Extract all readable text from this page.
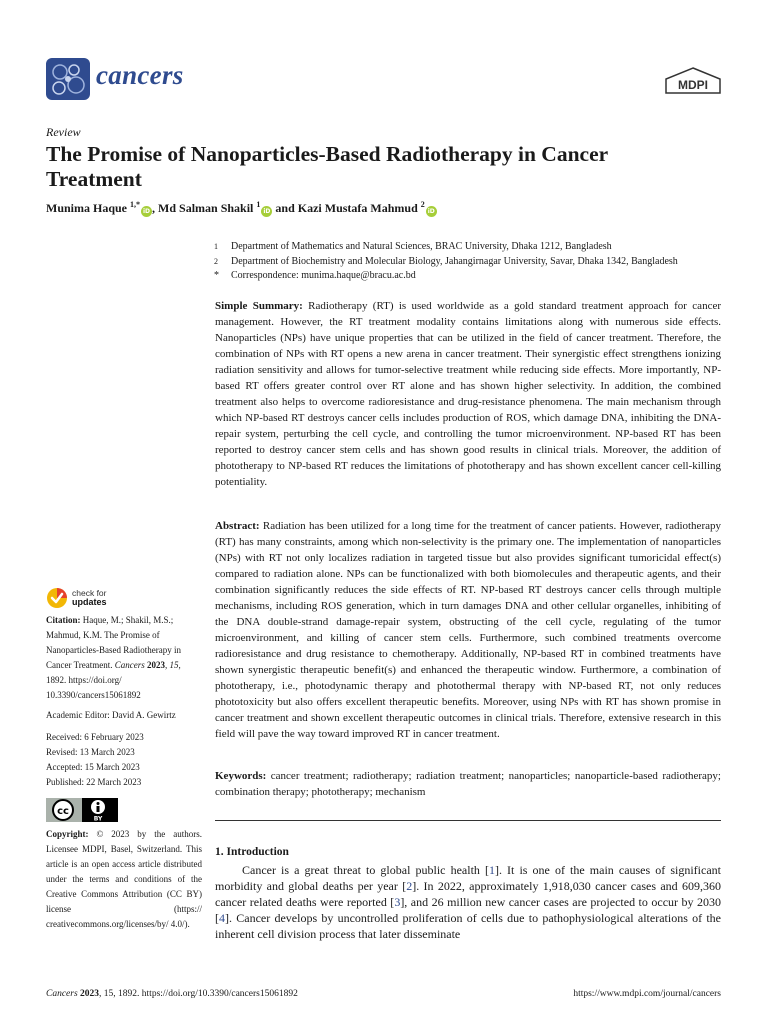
cancers	MDPI
Review
The Promise of Nanoparticles-Based Radiotherapy in Cancer Treatment
Munima Haque $^{1,*}$
iD , Md Salman Shakil $^1$
iD and Kazi Mustafa Mahmud $^2$
iD
1	Department of Mathematics and Natural Sciences, BRAC University, Dhaka 1212, Bangladesh
2	Department of Biochemistry and Molecular Biology, Jahangirnagar University, Savar, Dhaka 1342, Bangladesh
*	Correspondence: munima.haque@bracu.ac.bd
Simple Summary: Radiotherapy (RT) is used worldwide as a gold standard treatment approach for cancer management. However, the RT treatment modality contains limitations along with numerous side effects. Nanoparticles (NPs) have unique properties that can be utilized in the field of cancer treatment. Therefore, the combination of NPs with RT opens a new arena in cancer treatment. Their synergistic effect strengthens ionizing radiation sensitivity and allows for tumor-selective treatment while reducing side effects. More importantly, NP-based RT offers greater control over RT alone and has shown higher selectivity. In addition, the combined treatment also helps to overcome radioresistance and drug-resistance phenomena. The main mechanism through which NP-based RT destroys cancer cells includes production of ROS, which damage DNA, inhibiting the DNA-repair system, perturbing the cell cycle, and controlling the tumor microenvironment. NP-based RT has been reported to destroy cancer stem cells and has shown good results in clinical trials. Moreover, the addition of phototherapy to NP-based RT reduces the limitations of phototherapy and has shown excellent cancer cell-killing potentiality.
Abstract: Radiation has been utilized for a long time for the treatment of cancer patients. However, radiotherapy (RT) has many constraints, among which non-selectivity is the primary one. The implementation of nanoparticles (NPs) with RT not only localizes radiation in targeted tissue but also provides significant tumoricidal effect(s) compared to radiation alone. NPs can be functionalized with both biomolecules and therapeutic agents, and their combination significantly reduces the side effects of RT. NP-based RT destroys cancer cells through multiple mechanisms, including ROS generation, which in turn damages DNA and other cellular organelles, inhibiting of the DNA double-strand damage-repair system, obstructing of the cell cycle, regulating of the tumor microenvironment, and killing of cancer stem cells. Furthermore, such combined treatments overcome radioresistance and drug resistance to chemotherapy. Additionally, NP-based RT in combined treatments have shown synergistic therapeutic benefit(s) and enhanced the therapeutic window. Furthermore, a combination of phototherapy, i.e., photodynamic therapy and photothermal therapy with NP-based RT, not only reduces phototoxicity but also offers excellent therapeutic benefits. Moreover, using NPs with RT has shown promise in cancer treatment and shown excellent therapeutic outcomes in clinical trials. Therefore, extensive research in this field will pave the way toward improved RT in cancer treatment.
Keywords: cancer treatment; radiotherapy; radiation treatment; nanoparticles; nanoparticle-based radiotherapy; combination therapy; phototherapy; mechanism
1. Introduction
Cancer is a great threat to global public health [1]. It is one of the main causes of significant morbidity and global deaths per year [2]. In 2022, approximately 1,918,030 cancer cases and 609,360 cancer related deaths were reported [3], and 26 million new cancer cases are projected to occur by 2030 [4]. Cancer develops by uncontrolled proliferation of cells due to pathophysiological alterations of the inherent cell division process that later disseminate
check for
updates
Citation: Haque, M.; Shakil, M.S.; Mahmud, K.M. The Promise of Nanoparticles-Based Radiotherapy in Cancer Treatment. Cancers 2023, 15, 1892. https://doi.org/ 10.3390/cancers15061892
Academic Editor: David A. Gewirtz
Received: 6 February 2023
Revised: 13 March 2023
Accepted: 15 March 2023
Published: 22 March 2023
cc
BY
Copyright: © 2023 by the authors. Licensee MDPI, Basel, Switzerland. This article is an open access article distributed under the terms and conditions of the Creative Commons Attribution (CC BY) license (https:// creativecommons.org/licenses/by/ 4.0/).
Cancers 2023, 15, 1892. https://doi.org/10.3390/cancers15061892	https://www.mdpi.com/journal/cancers
